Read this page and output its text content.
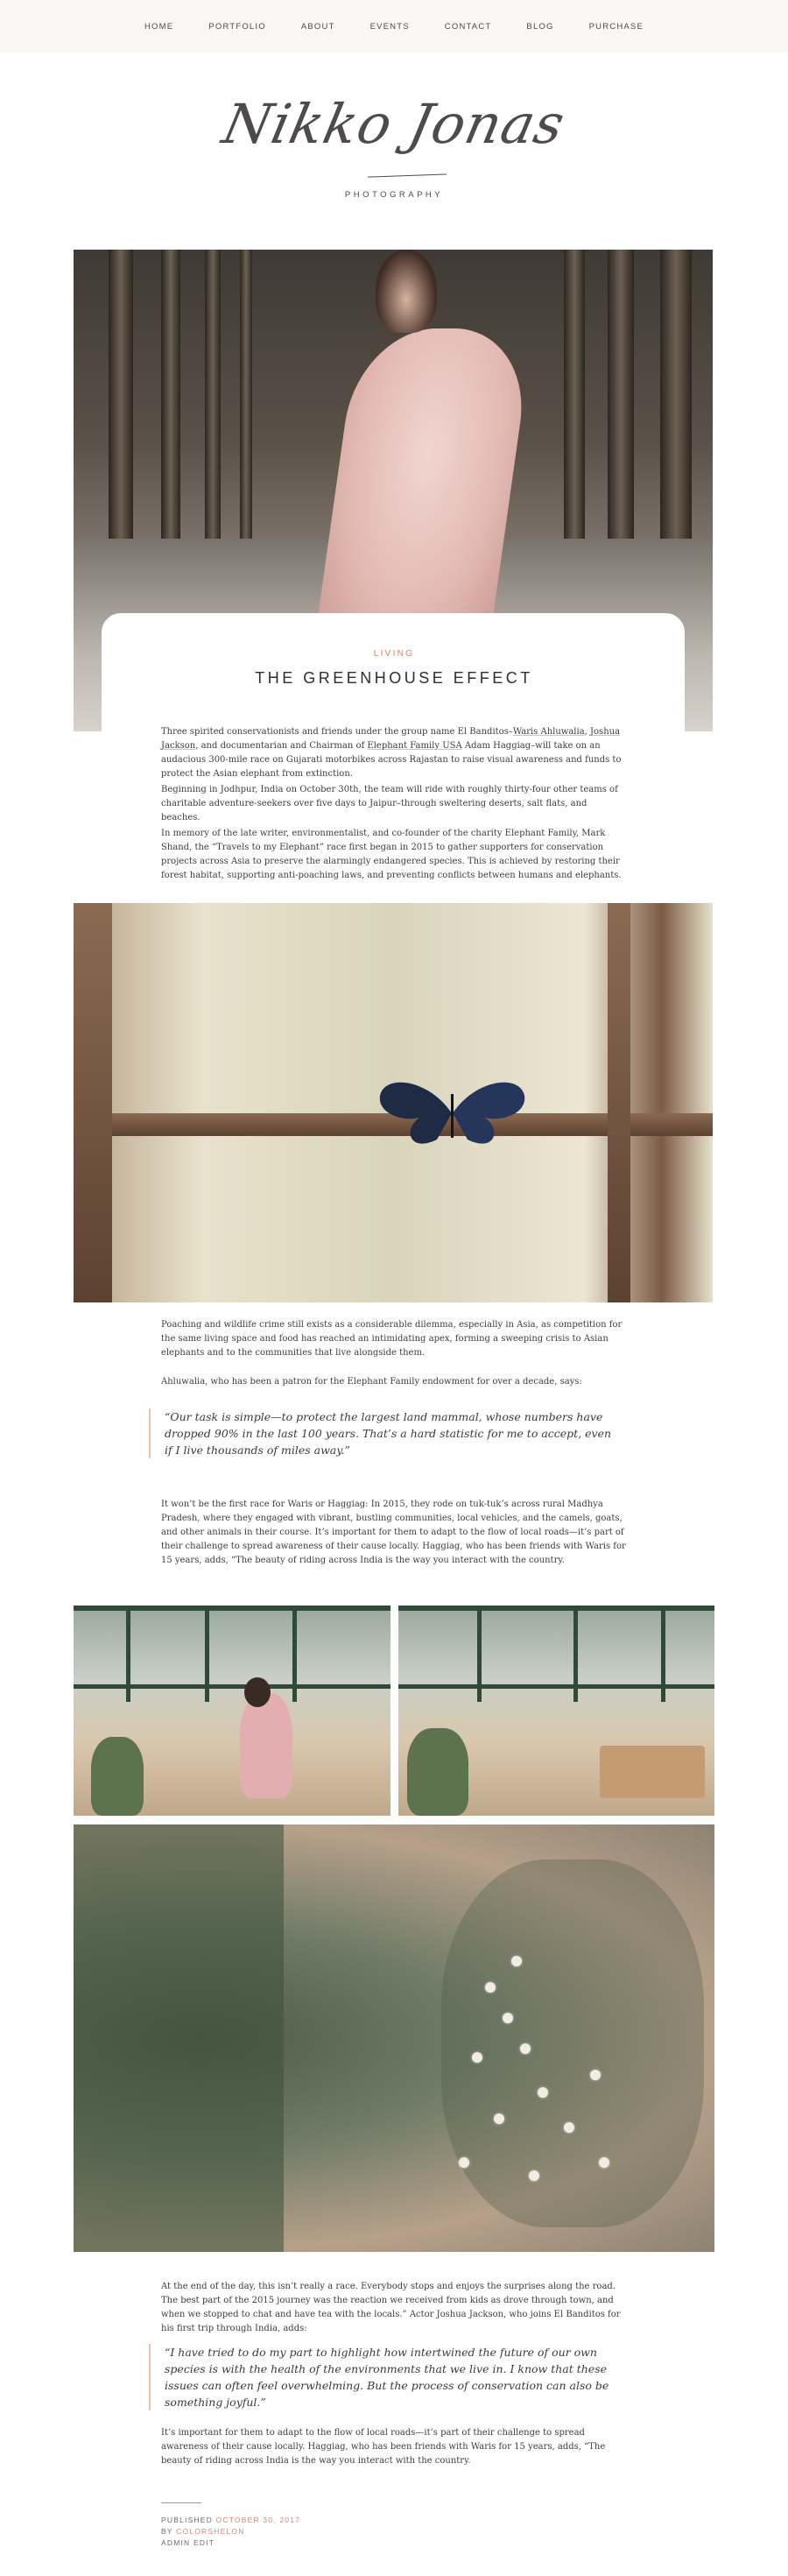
HOME	PORTFOLIO	ABOUT	EVENTS	CONTACT	BLOG	PURCHASE
Nikko Jonas
PHOTOGRAPHY
LIVING
THE GREENHOUSE EFFECT

Three spirited conservationists and friends under the group name El Banditos–Waris Ahluwalia, Joshua Jackson, and documentarian and Chairman of Elephant Family USA Adam Haggiag–will take on an audacious 300-mile race on Gujarati motorbikes across Rajastan to raise visual awareness and funds to protect the Asian elephant from extinction.

Beginning in Jodhpur, India on October 30th, the team will ride with roughly thirty-four other teams of charitable adventure-seekers over five days to Jaipur–through sweltering deserts, salt flats, and beaches.

In memory of the late writer, environmentalist, and co-founder of the charity Elephant Family, Mark Shand, the “Travels to my Elephant” race first began in 2015 to gather supporters for conservation projects across Asia to preserve the alarmingly endangered species. This is achieved by restoring their forest habitat, supporting anti-poaching laws, and preventing conflicts between humans and elephants.

Poaching and wildlife crime still exists as a considerable dilemma, especially in Asia, as competition for the same living space and food has reached an intimidating apex, forming a sweeping crisis to Asian elephants and to the communities that live alongside them.

Ahluwalia, who has been a patron for the Elephant Family endowment for over a decade, says:

“Our task is simple—to protect the largest land mammal, whose numbers have dropped 90% in the last 100 years. That’s a hard statistic for me to accept, even if I live thousands of miles away.”

It won’t be the first race for Waris or Haggiag: In 2015, they rode on tuk-tuk’s across rural Madhya Pradesh, where they engaged with vibrant, bustling communities, local vehicles, and the camels, goats, and other animals in their course. It’s important for them to adapt to the flow of local roads—it’s part of their challenge to spread awareness of their cause locally. Haggiag, who has been friends with Waris for 15 years, adds, “The beauty of riding across India is the way you interact with the country.

At the end of the day, this isn’t really a race. Everybody stops and enjoys the surprises along the road. The best part of the 2015 journey was the reaction we received from kids as drove through town, and when we stopped to chat and have tea with the locals.” Actor Joshua Jackson, who joins El Banditos for his first trip through India, adds:

“I have tried to do my part to highlight how intertwined the future of our own species is with the health of the environments that we live in. I know that these issues can often feel overwhelming. But the process of conservation can also be something joyful.”

It’s important for them to adapt to the flow of local roads—it’s part of their challenge to spread awareness of their cause locally. Haggiag, who has been friends with Waris for 15 years, adds, “The beauty of riding across India is the way you interact with the country.

PUBLISHED OCTOBER 30, 2017
BY COLORSHELON
ADMIN EDIT
